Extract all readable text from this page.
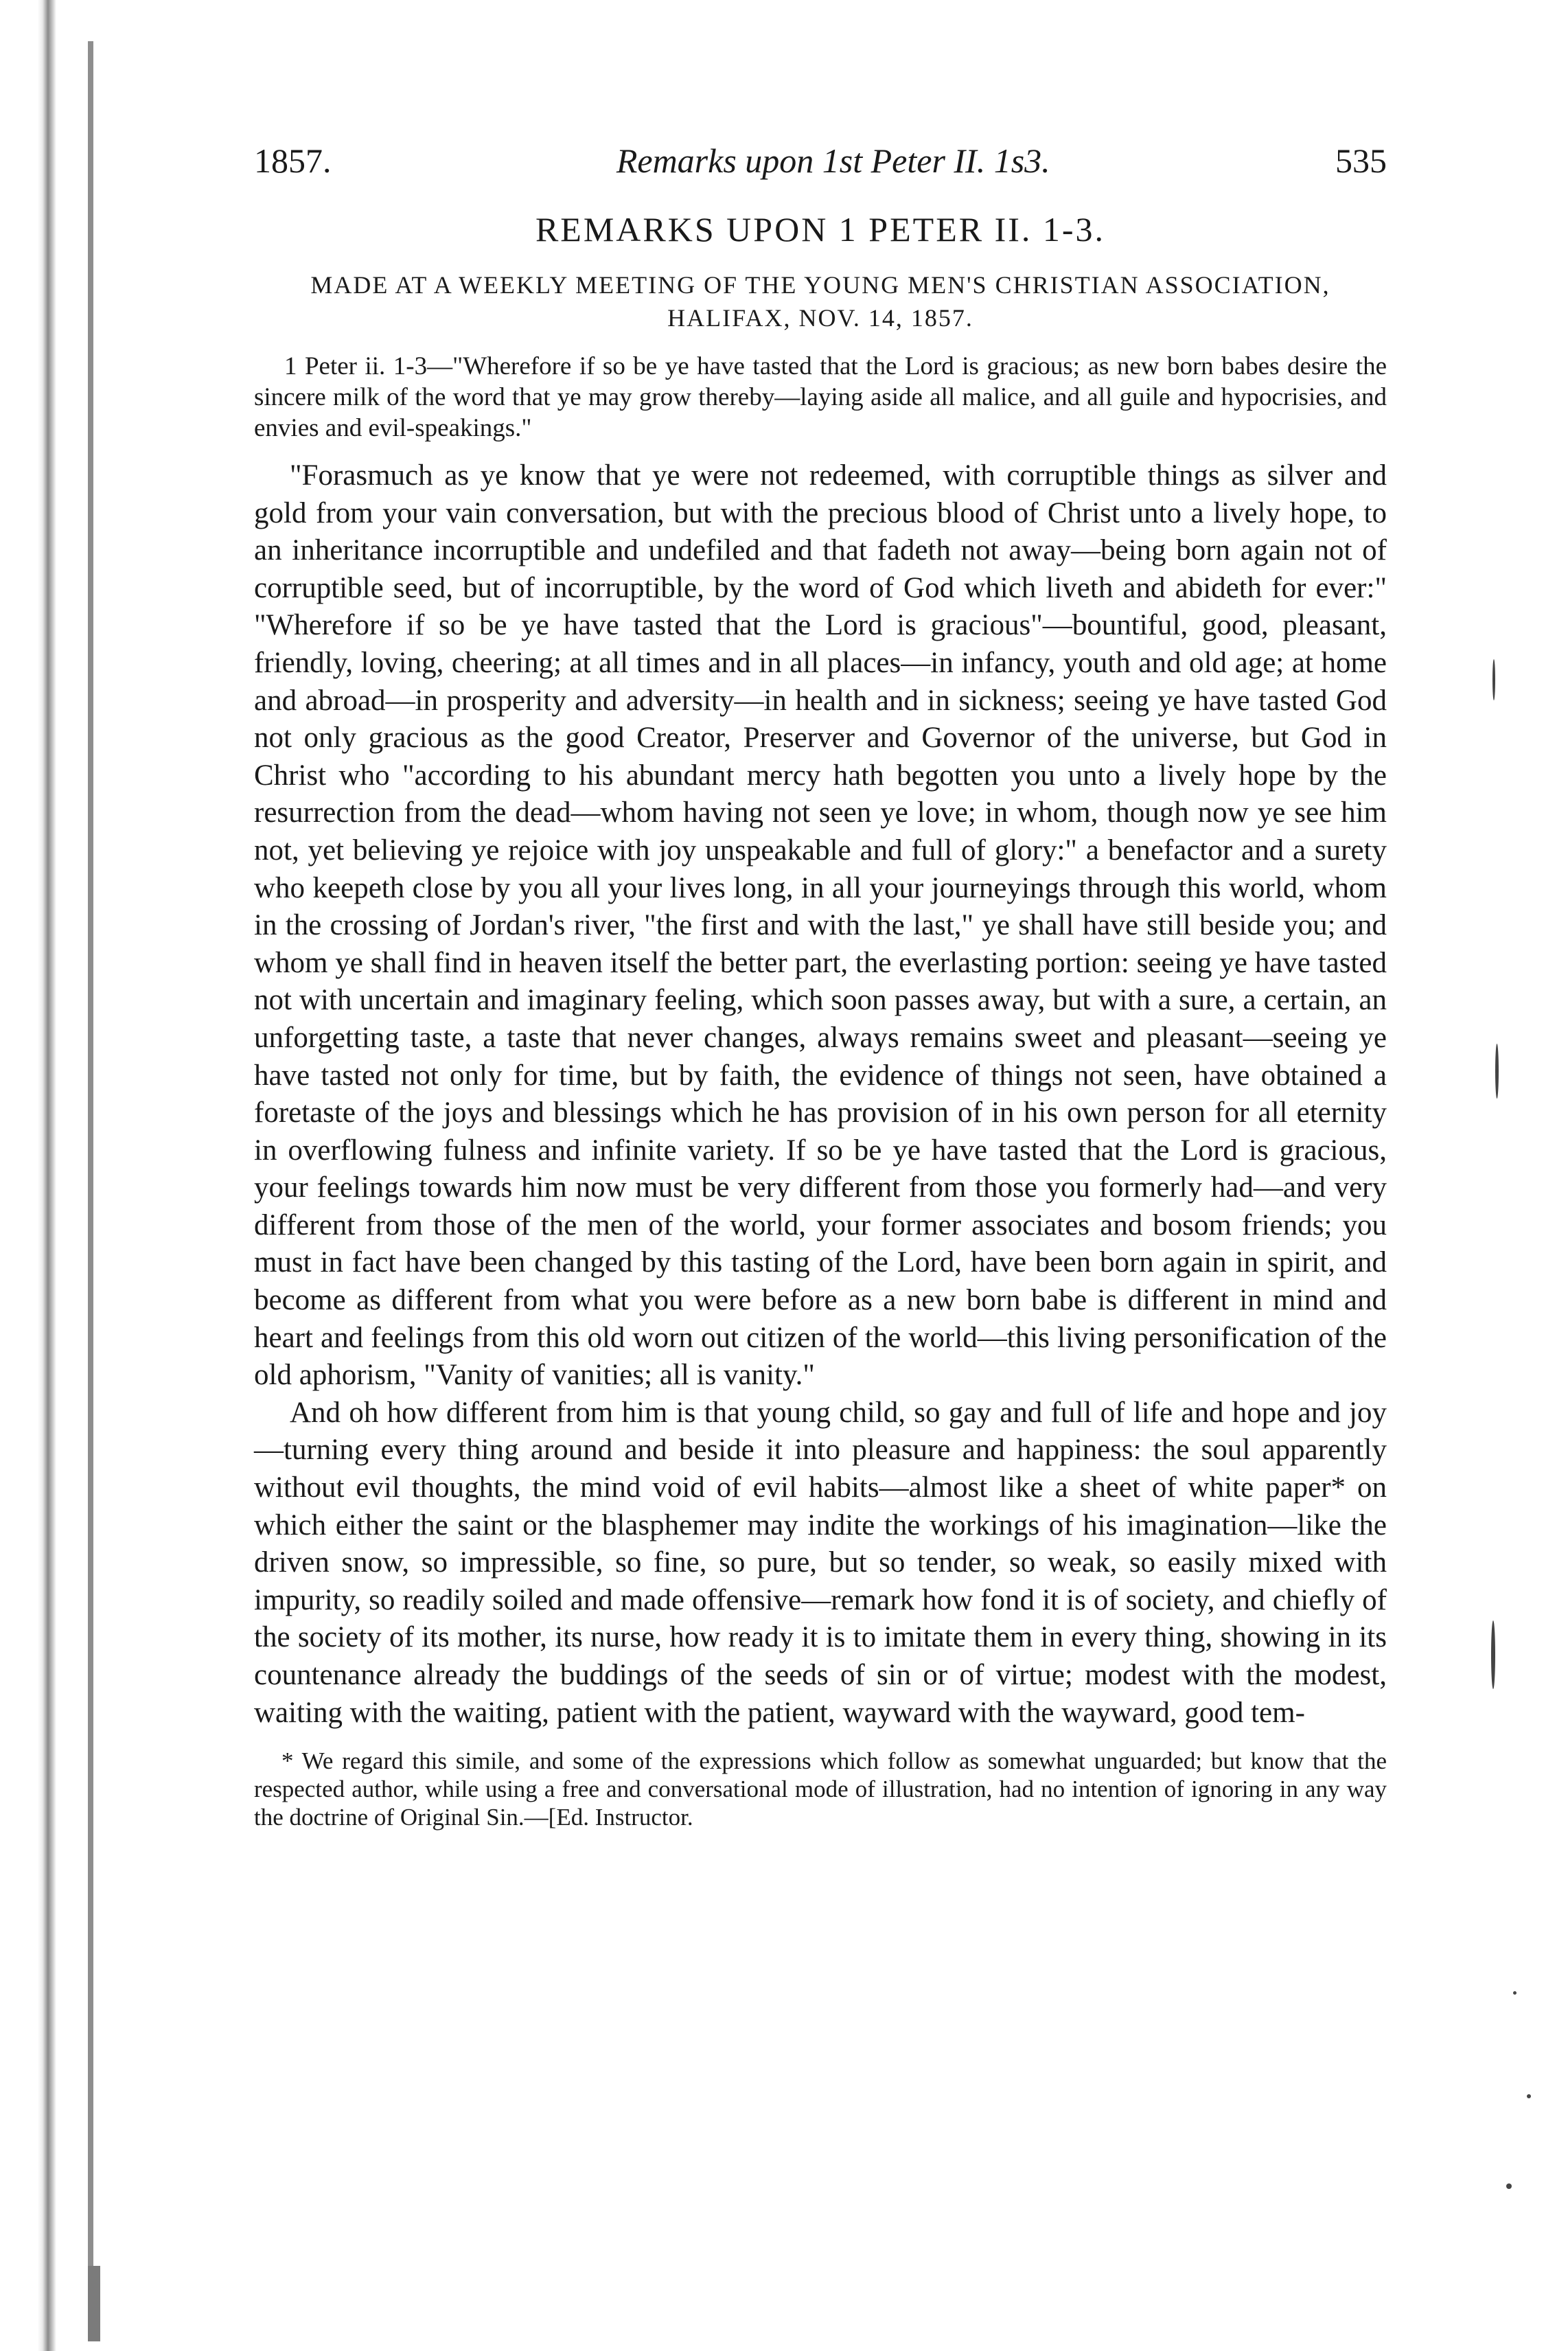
1857.	Remarks upon 1st Peter II. 1s3.	535
REMARKS UPON 1 PETER II. 1-3.
MADE AT A WEEKLY MEETING OF THE YOUNG MEN'S CHRISTIAN ASSOCIATION, HALIFAX, NOV. 14, 1857.
1 Peter ii. 1-3—"Wherefore if so be ye have tasted that the Lord is gracious; as new born babes desire the sincere milk of the word that ye may grow thereby—laying aside all malice, and all guile and hypocrisies, and envies and evil-speakings."

"Forasmuch as ye know that ye were not redeemed, with corruptible things as silver and gold from your vain conversation, but with the precious blood of Christ unto a lively hope, to an inheritance incorruptible and undefiled and that fadeth not away—being born again not of corruptible seed, but of incorruptible, by the word of God which liveth and abideth for ever:" "Wherefore if so be ye have tasted that the Lord is gracious"—bountiful, good, pleasant, friendly, loving, cheering; at all times and in all places—in infancy, youth and old age; at home and abroad—in prosperity and adversity—in health and in sickness; seeing ye have tasted God not only gracious as the good Creator, Preserver and Governor of the universe, but God in Christ who "according to his abundant mercy hath begotten you unto a lively hope by the resurrection from the dead—whom having not seen ye love; in whom, though now ye see him not, yet believing ye rejoice with joy unspeakable and full of glory:" a benefactor and a surety who keepeth close by you all your lives long, in all your journeyings through this world, whom in the crossing of Jordan's river, "the first and with the last," ye shall have still beside you; and whom ye shall find in heaven itself the better part, the everlasting portion: seeing ye have tasted not with uncertain and imaginary feeling, which soon passes away, but with a sure, a certain, an unforgetting taste, a taste that never changes, always remains sweet and pleasant—seeing ye have tasted not only for time, but by faith, the evidence of things not seen, have obtained a foretaste of the joys and blessings which he has provision of in his own person for all eternity in overflowing fulness and infinite variety. If so be ye have tasted that the Lord is gracious, your feelings towards him now must be very different from those you formerly had—and very different from those of the men of the world, your former associates and bosom friends; you must in fact have been changed by this tasting of the Lord, have been born again in spirit, and become as different from what you were before as a new born babe is different in mind and heart and feelings from this old worn out citizen of the world—this living personification of the old aphorism, "Vanity of vanities; all is vanity."

And oh how different from him is that young child, so gay and full of life and hope and joy—turning every thing around and beside it into pleasure and happiness: the soul apparently without evil thoughts, the mind void of evil habits—almost like a sheet of white paper* on which either the saint or the blasphemer may indite the workings of his imagination—like the driven snow, so impressible, so fine, so pure, but so tender, so weak, so easily mixed with impurity, so readily soiled and made offensive—remark how fond it is of society, and chiefly of the society of its mother, its nurse, how ready it is to imitate them in every thing, showing in its countenance already the buddings of the seeds of sin or of virtue; modest with the modest, waiting with the waiting, patient with the patient, wayward with the wayward, good tem-

* We regard this simile, and some of the expressions which follow as somewhat unguarded; but know that the respected author, while using a free and conversational mode of illustration, had no intention of ignoring in any way the doctrine of Original Sin.—[Ed. Instructor.
